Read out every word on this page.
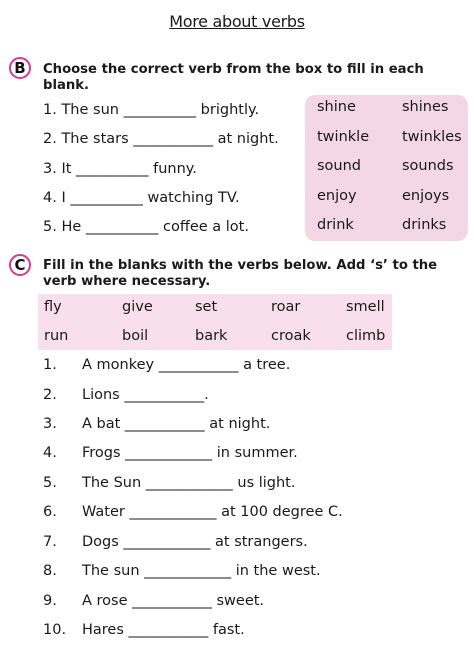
More about verbs
B	Choose the correct verb from the box to fill in each
blank.
1. The sun __________ brightly.
2. The stars ___________ at night.
3. It __________ funny.
4. I __________ watching TV.
5. He __________ coffee a lot.
shine	shines
twinkle twinkles
sound	sounds
enjoy	enjoys
drink	drinks
C	Fill in the blanks with the verbs below. Add ‘s’ to the
verb where necessary.
fly	give	set	roar	smell
run	boil	bark	croak climb
1. A monkey ___________ a tree.
2. Lions ___________.
3. A bat ___________ at night.
4. Frogs ____________ in summer.
5. The Sun ____________ us light.
6. Water ____________ at 100 degree C.
7. Dogs ____________ at strangers.
8. The sun ____________ in the west.
9. A rose ___________ sweet.
10. Hares ___________ fast.
